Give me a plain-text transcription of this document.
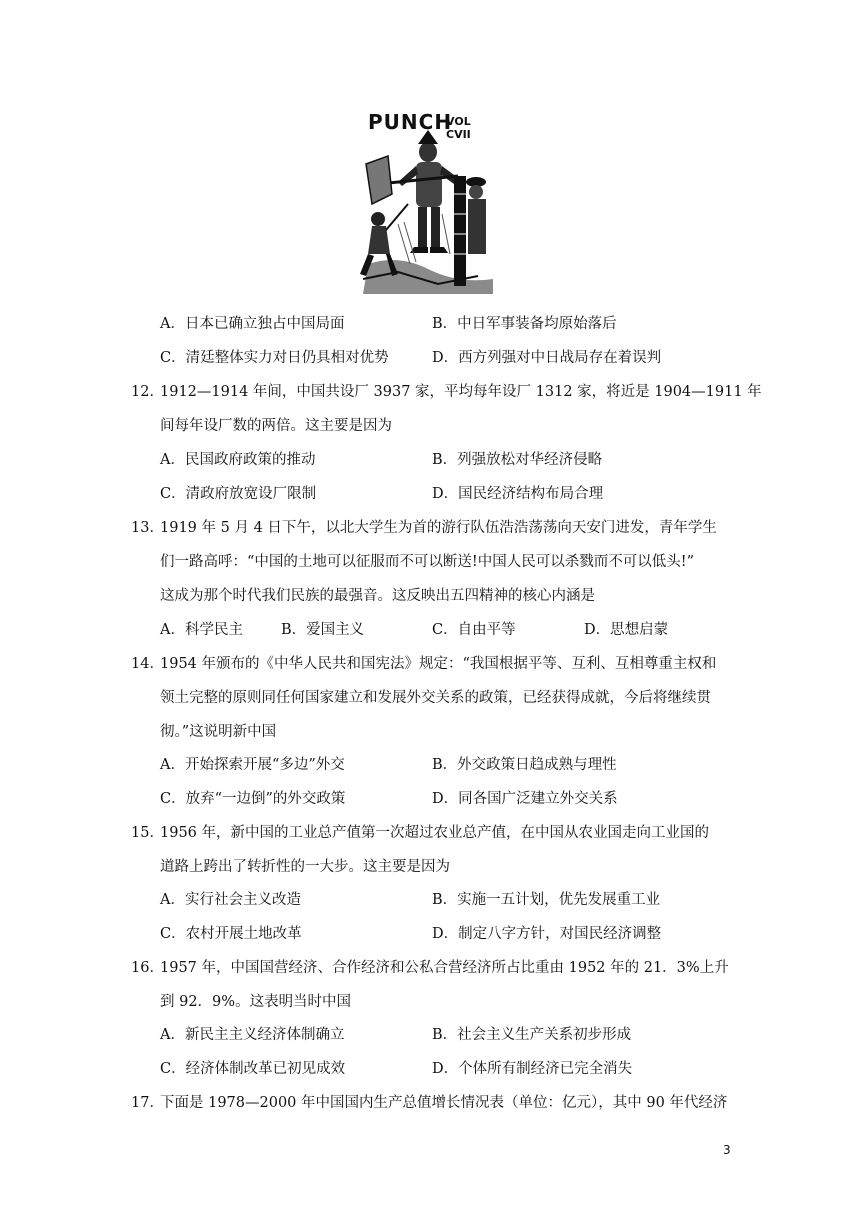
PUNCH
VOL
CVII
A．日本已确立独占中国局面	B．中日军事装备均原始落后
C．清廷整体实力对日仍具相对优势	D．西方列强对中日战局存在着误判
12．
1912—1914 年间，中国共设厂 3937 家，平均每年设厂 1312 家，将近是 1904—1911 年
间每年设厂数的两倍。这主要是因为
A．民国政府政策的推动	B．列强放松对华经济侵略
C．清政府放宽设厂限制	D．国民经济结构布局合理
13．
1919 年 5 月 4 日下午，以北大学生为首的游行队伍浩浩荡荡向天安门进发，青年学生
们一路高呼：“中国的土地可以征服而不可以断送!中国人民可以杀戮而不可以低头!”
这成为那个时代我们民族的最强音。这反映出五四精神的核心内涵是
A．科学民主	B．爱国主义	C．自由平等	D．思想启蒙
14．
1954 年颁布的《中华人民共和国宪法》规定：“我国根据平等、互利、互相尊重主权和
领土完整的原则同任何国家建立和发展外交关系的政策，已经获得成就，今后将继续贯
彻。”这说明新中国
A．开始探索开展“多边”外交	B．外交政策日趋成熟与理性
C．放弃“一边倒”的外交政策	D．同各国广泛建立外交关系
15．
1956 年，新中国的工业总产值第一次超过农业总产值，在中国从农业国走向工业国的
道路上跨出了转折性的一大步。这主要是因为
A．实行社会主义改造	B．实施一五计划，优先发展重工业
C．农村开展土地改革	D．制定八字方针，对国民经济调整
16．
1957 年，中国国营经济、合作经济和公私合营经济所占比重由 1952 年的 21．3%上升
到 92．9%。这表明当时中国
A．新民主主义经济体制确立	B．社会主义生产关系初步形成
C．经济体制改革已初见成效	D．个体所有制经济已完全消失
17．
下面是 1978—2000 年中国国内生产总值增长情况表（单位：亿元），其中 90 年代经济
3
